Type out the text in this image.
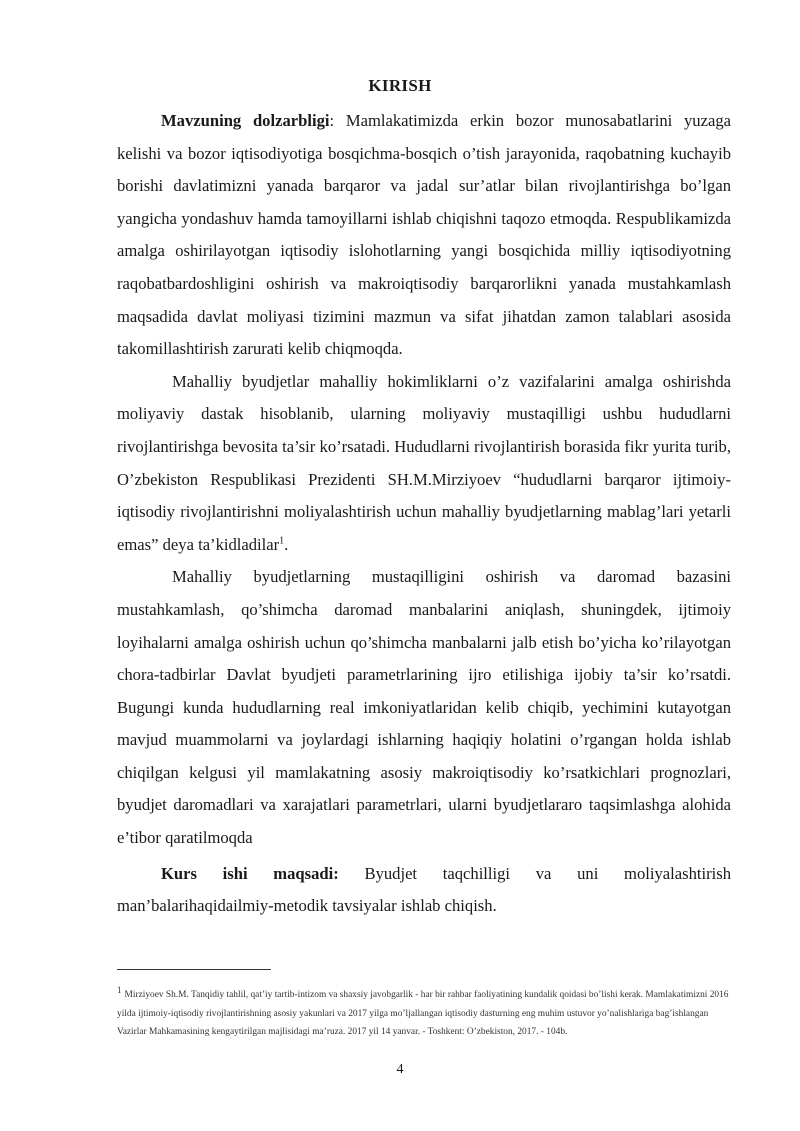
KIRISH

Mavzuning dolzarbligi: Mamlakatimizda erkin bozor munosabatlarini yuzaga kelishi va bozor iqtisodiyotiga bosqichma-bosqich o’tish jarayonida, raqobatning kuchayib borishi davlatimizni yanada barqaror va jadal sur’atlar bilan rivojlantirishga bo’lgan yangicha yondashuv hamda tamoyillarni ishlab chiqishni taqozo etmoqda. Respublikamizda amalga oshirilayotgan iqtisodiy islohotlarning yangi bosqichida milliy iqtisodiyotning raqobatbardoshligini oshirish va makroiqtisodiy barqarorlikni yanada mustahkamlash maqsadida davlat moliyasi tizimini mazmun va sifat jihatdan zamon talablari asosida takomillashtirish zarurati kelib chiqmoqda.

Mahalliy byudjetlar mahalliy hokimliklarni o’z vazifalarini amalga oshirishda moliyaviy dastak hisoblanib, ularning moliyaviy mustaqilligi ushbu hududlarni rivojlantirishga bevosita ta’sir ko’rsatadi. Hududlarni rivojlantirish borasida fikr yurita turib, O’zbekiston Respublikasi Prezidenti SH.M.Mirziyoev “hududlarni barqaror ijtimoiy-iqtisodiy rivojlantirishni moliyalashtirish uchun mahalliy byudjetlarning mablag’lari yetarli emas” deya ta’kidladilar$^1$.

Mahalliy byudjetlarning mustaqilligini oshirish va daromad bazasini mustahkamlash, qo’shimcha daromad manbalarini aniqlash, shuningdek, ijtimoiy loyihalarni amalga oshirish uchun qo’shimcha manbalarni jalb etish bo’yicha ko’rilayotgan chora-tadbirlar Davlat byudjeti parametrlarining ijro etilishiga ijobiy ta’sir ko’rsatdi. Bugungi kunda hududlarning real imkoniyatlaridan kelib chiqib, yechimini kutayotgan mavjud muammolarni va joylardagi ishlarning haqiqiy holatini o’rgangan holda ishlab chiqilgan kelgusi yil mamlakatning asosiy makroiqtisodiy ko’rsatkichlari prognozlari, byudjet daromadlari va xarajatlari parametrlari, ularni byudjetlararo taqsimlashga alohida e’tibor qaratilmoqda

Kurs ishi maqsadi: Byudjet taqchilligi va uni moliyalashtirish man’balarihaqidailmiy-metodik tavsiyalar ishlab chiqish.

$^1$Mirziyoev Sh.M. Tanqidiy tahlil, qat’iy tartib-intizom va shaxsiy javobgarlik - har bir rahbar faoliyatining kundalik qoidasi bo’lishi kerak. Mamlakatimizni 2016 yilda ijtimoiy-iqtisodiy rivojlantirishning asosiy yakunlari va 2017 yilga mo’ljallangan iqtisodiy dasturning eng muhim ustuvor yo’nalishlariga bag’ishlangan Vazirlar Mahkamasining kengaytirilgan majlisidagi ma’ruza. 2017 yil 14 yanvar. - Toshkent: O’zbekiston, 2017. - 104b.
4
